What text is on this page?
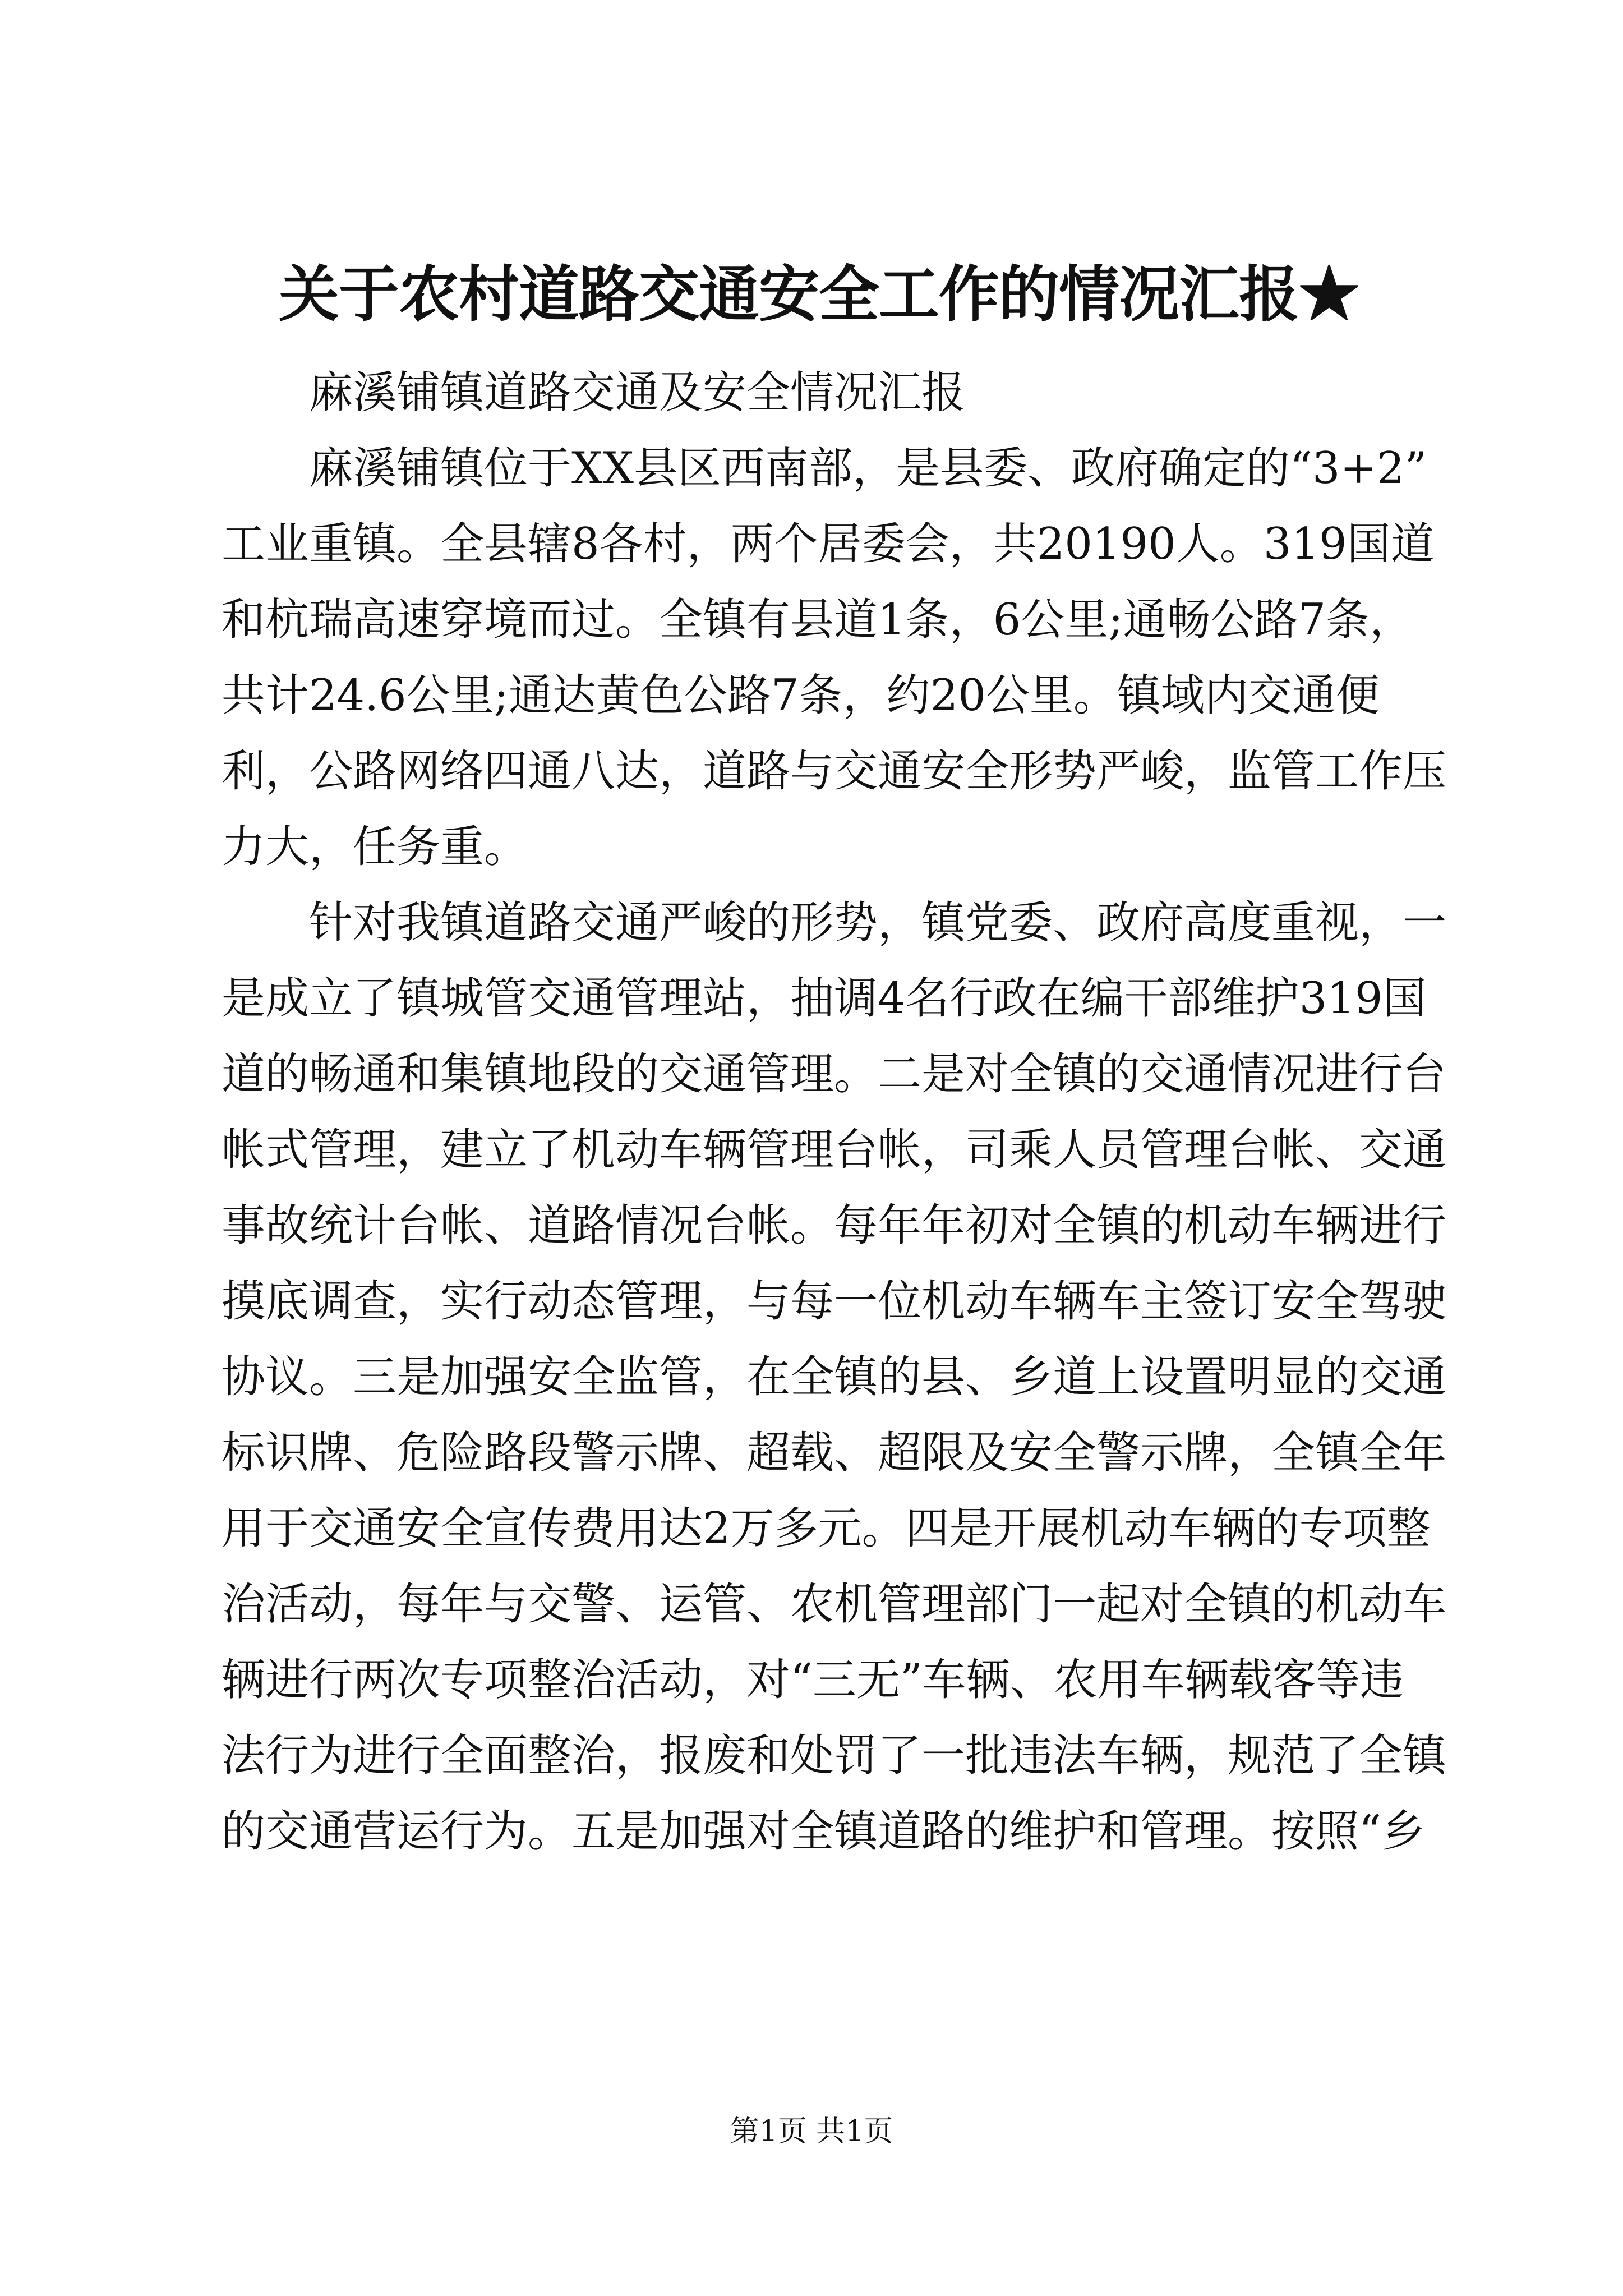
关于农村道路交通安全工作的情况汇报★
麻溪铺镇道路交通及安全情况汇报
麻溪铺镇位于XX县区西南部，是县委、政府确定的“3+2”
工业重镇。全县辖8各村，两个居委会，共20190人。319国道
和杭瑞高速穿境而过。全镇有县道1条，6公里;通畅公路7条，
共计24.6公里;通达黄色公路7条，约20公里。镇域内交通便
利，公路网络四通八达，道路与交通安全形势严峻，监管工作压
力大，任务重。
针对我镇道路交通严峻的形势，镇党委、政府高度重视，一
是成立了镇城管交通管理站，抽调4名行政在编干部维护319国
道的畅通和集镇地段的交通管理。二是对全镇的交通情况进行台
帐式管理，建立了机动车辆管理台帐，司乘人员管理台帐、交通
事故统计台帐、道路情况台帐。每年年初对全镇的机动车辆进行
摸底调查，实行动态管理，与每一位机动车辆车主签订安全驾驶
协议。三是加强安全监管，在全镇的县、乡道上设置明显的交通
标识牌、危险路段警示牌、超载、超限及安全警示牌，全镇全年
用于交通安全宣传费用达2万多元。四是开展机动车辆的专项整
治活动，每年与交警、运管、农机管理部门一起对全镇的机动车
辆进行两次专项整治活动，对“三无”车辆、农用车辆载客等违
法行为进行全面整治，报废和处罚了一批违法车辆，规范了全镇
的交通营运行为。五是加强对全镇道路的维护和管理。按照“乡
第1页 共1页
